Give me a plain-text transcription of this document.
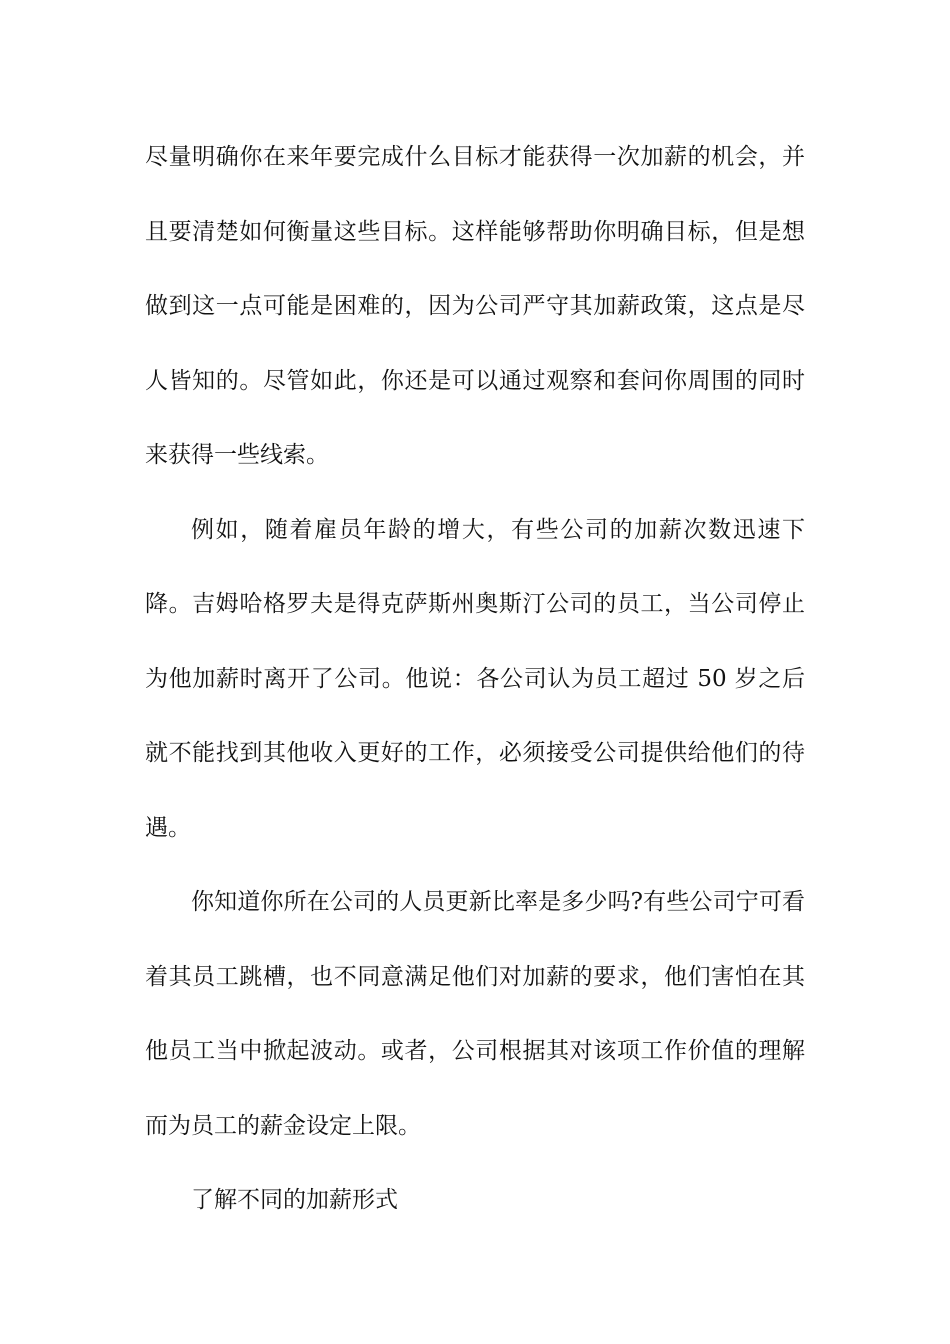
尽量明确你在来年要完成什么目标才能获得一次加薪的机会，并且要清楚如何衡量这些目标。这样能够帮助你明确目标，但是想做到这一点可能是困难的，因为公司严守其加薪政策，这点是尽人皆知的。尽管如此，你还是可以通过观察和套问你周围的同时来获得一些线索。

例如，随着雇员年龄的增大，有些公司的加薪次数迅速下降。吉姆哈格罗夫是得克萨斯州奥斯汀公司的员工，当公司停止为他加薪时离开了公司。他说：各公司认为员工超过 50 岁之后就不能找到其他收入更好的工作，必须接受公司提供给他们的待遇。

你知道你所在公司的人员更新比率是多少吗?有些公司宁可看着其员工跳槽，也不同意满足他们对加薪的要求，他们害怕在其他员工当中掀起波动。或者，公司根据其对该项工作价值的理解而为员工的薪金设定上限。

了解不同的加薪形式
